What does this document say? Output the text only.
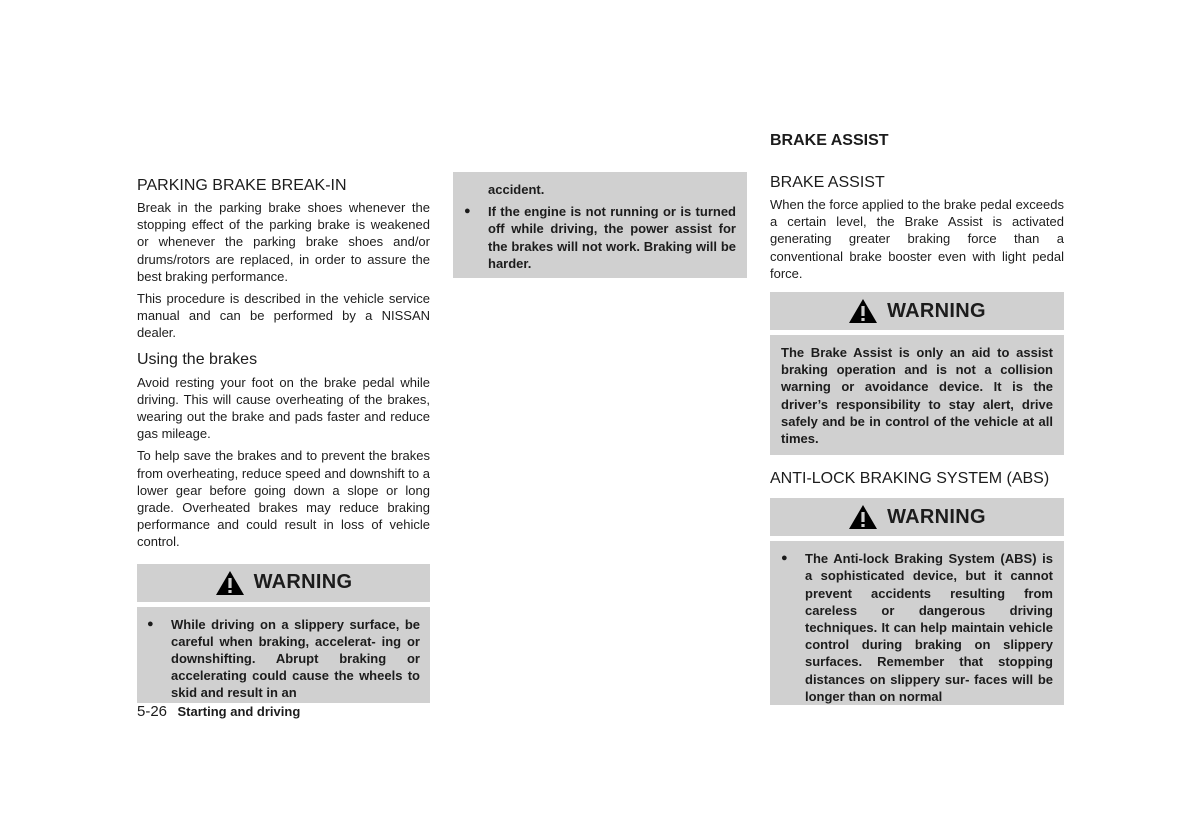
PARKING BRAKE BREAK-IN

Break in the parking brake shoes whenever the stopping effect of the parking brake is weakened or whenever the parking brake shoes and/or drums/rotors are replaced, in order to assure the best braking performance.

This procedure is described in the vehicle service manual and can be performed by a NISSAN dealer.

Using the brakes

Avoid resting your foot on the brake pedal while driving. This will cause overheating of the brakes, wearing out the brake and pads faster and reduce gas mileage.

To help save the brakes and to prevent the brakes from overheating, reduce speed and downshift to a lower gear before going down a slope or long grade. Overheated brakes may reduce braking performance and could result in loss of vehicle control.

WARNING
●	While driving on a slippery surface, be careful when braking, accelerat- ing or downshifting. Abrupt braking or accelerating could cause the wheels to skid and result in an

accident.

●	If the engine is not running or is turned off while driving, the power assist for the brakes will not work. Braking will be harder.
BRAKE ASSIST
BRAKE ASSIST

When the force applied to the brake pedal exceeds a certain level, the Brake Assist is activated generating greater braking force than a conventional brake booster even with light pedal force.

WARNING

The Brake Assist is only an aid to assist braking operation and is not a collision warning or avoidance device. It is the driver’s responsibility to stay alert, drive safely and be in control of the vehicle at all times.

ANTI-LOCK BRAKING SYSTEM (ABS)
WARNING
●	The Anti-lock Braking System (ABS) is a sophisticated device, but it cannot prevent accidents resulting from careless or dangerous driving techniques. It can help maintain vehicle control during braking on slippery surfaces. Remember that stopping distances on slippery sur- faces will be longer than on normal
5-26 Starting and driving
